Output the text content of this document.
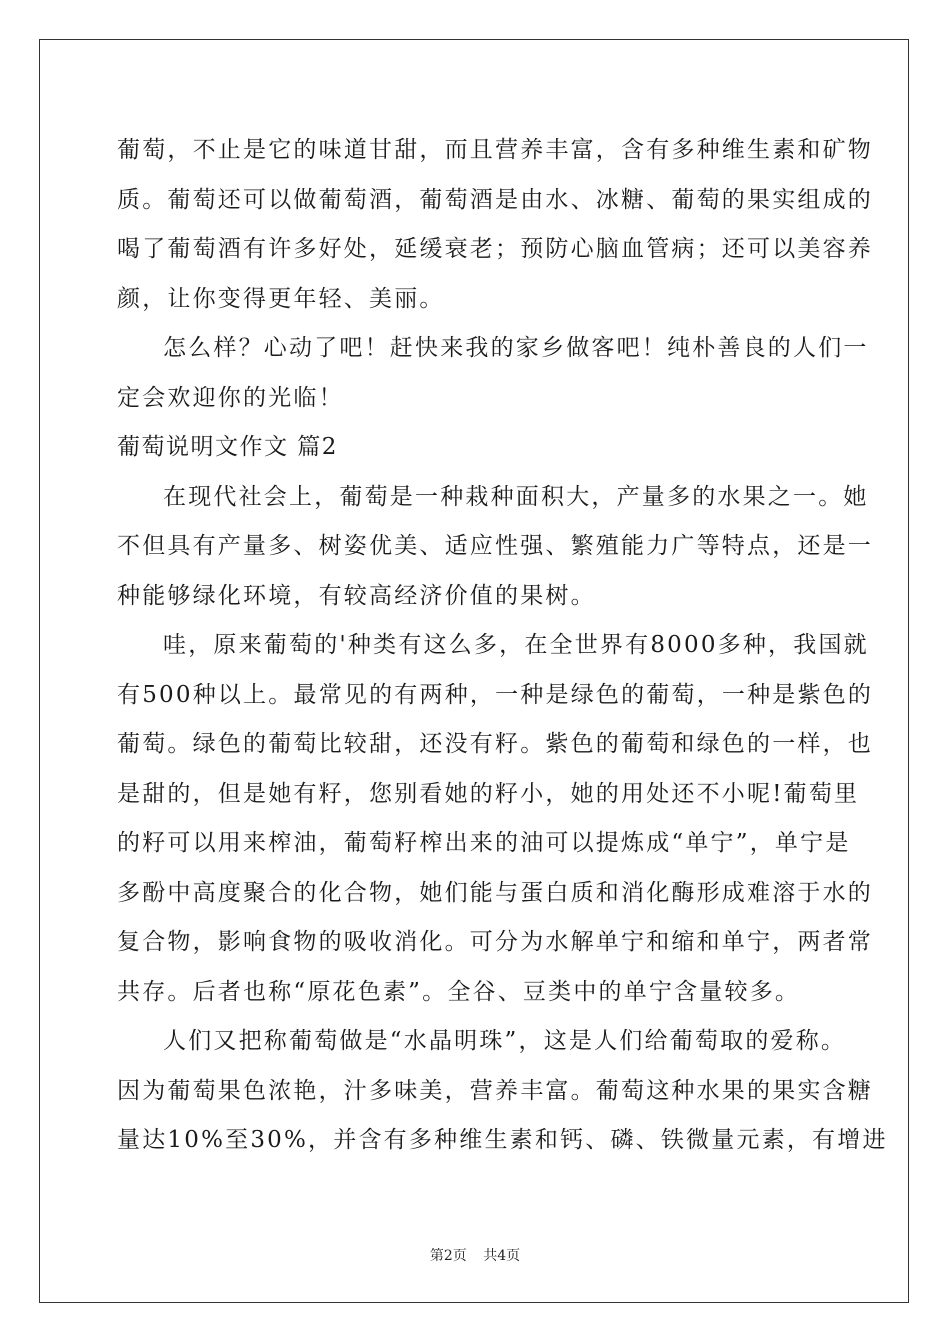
葡萄，不止是它的味道甘甜，而且营养丰富，含有多种维生素和矿物
质。葡萄还可以做葡萄酒，葡萄酒是由水、冰糖、葡萄的果实组成的
喝了葡萄酒有许多好处，延缓衰老；预防心脑血管病；还可以美容养
颜，让你变得更年轻、美丽。
怎么样？心动了吧！赶快来我的家乡做客吧！纯朴善良的人们一
定会欢迎你的光临！
葡萄说明文作文 篇2
在现代社会上，葡萄是一种栽种面积大，产量多的水果之一。她
不但具有产量多、树姿优美、适应性强、繁殖能力广等特点，还是一
种能够绿化环境，有较高经济价值的果树。
哇，原来葡萄的'种类有这么多，在全世界有8000多种，我国就
有500种以上。最常见的有两种，一种是绿色的葡萄，一种是紫色的
葡萄。绿色的葡萄比较甜，还没有籽。紫色的葡萄和绿色的一样，也
是甜的，但是她有籽，您别看她的籽小，她的用处还不小呢!葡萄里
的籽可以用来榨油，葡萄籽榨出来的油可以提炼成“单宁”，单宁是
多酚中高度聚合的化合物，她们能与蛋白质和消化酶形成难溶于水的
复合物，影响食物的吸收消化。可分为水解单宁和缩和单宁，两者常
共存。后者也称“原花色素”。全谷、豆类中的单宁含量较多。
人们又把称葡萄做是“水晶明珠”，这是人们给葡萄取的爱称。
因为葡萄果色浓艳，汁多味美，营养丰富。葡萄这种水果的果实含糖
量达10%至30%，并含有多种维生素和钙、磷、铁微量元素，有增进
第2页 共4页
